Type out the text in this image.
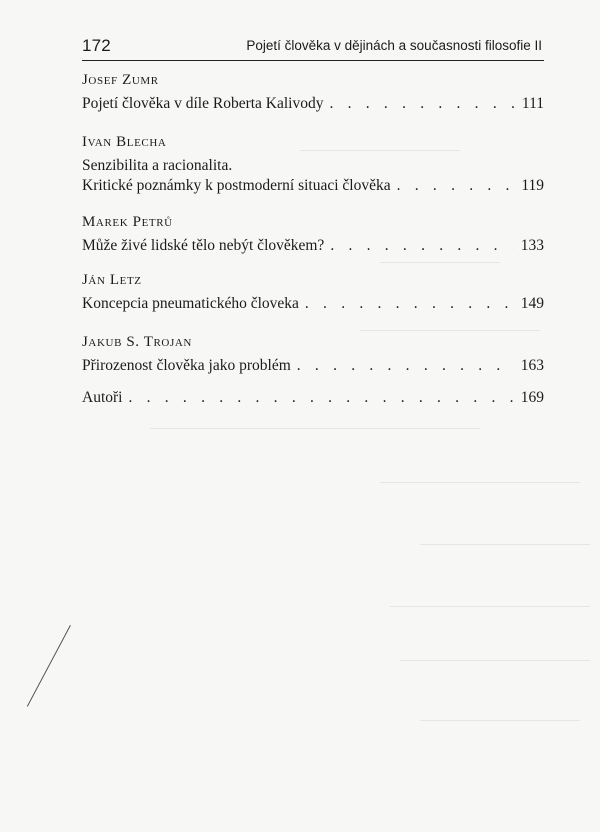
172	Pojetí člověka v dějinách a současnosti filosofie II
Josef Zumr
Pojetí člověka v díle Roberta Kalivody . . .	111
Ivan Blecha
Senzibilita a racionalita.
Kritické poznámky k postmoderní situaci člověka . . .	119
Marek Petrů
Může živé lidské tělo nebýt člověkem? . . .	133
Ján Letz
Koncepcia pneumatického človeka . . .	149
Jakub S. Trojan
Přirozenost člověka jako problém . . .	163
Autoři . . .	169
